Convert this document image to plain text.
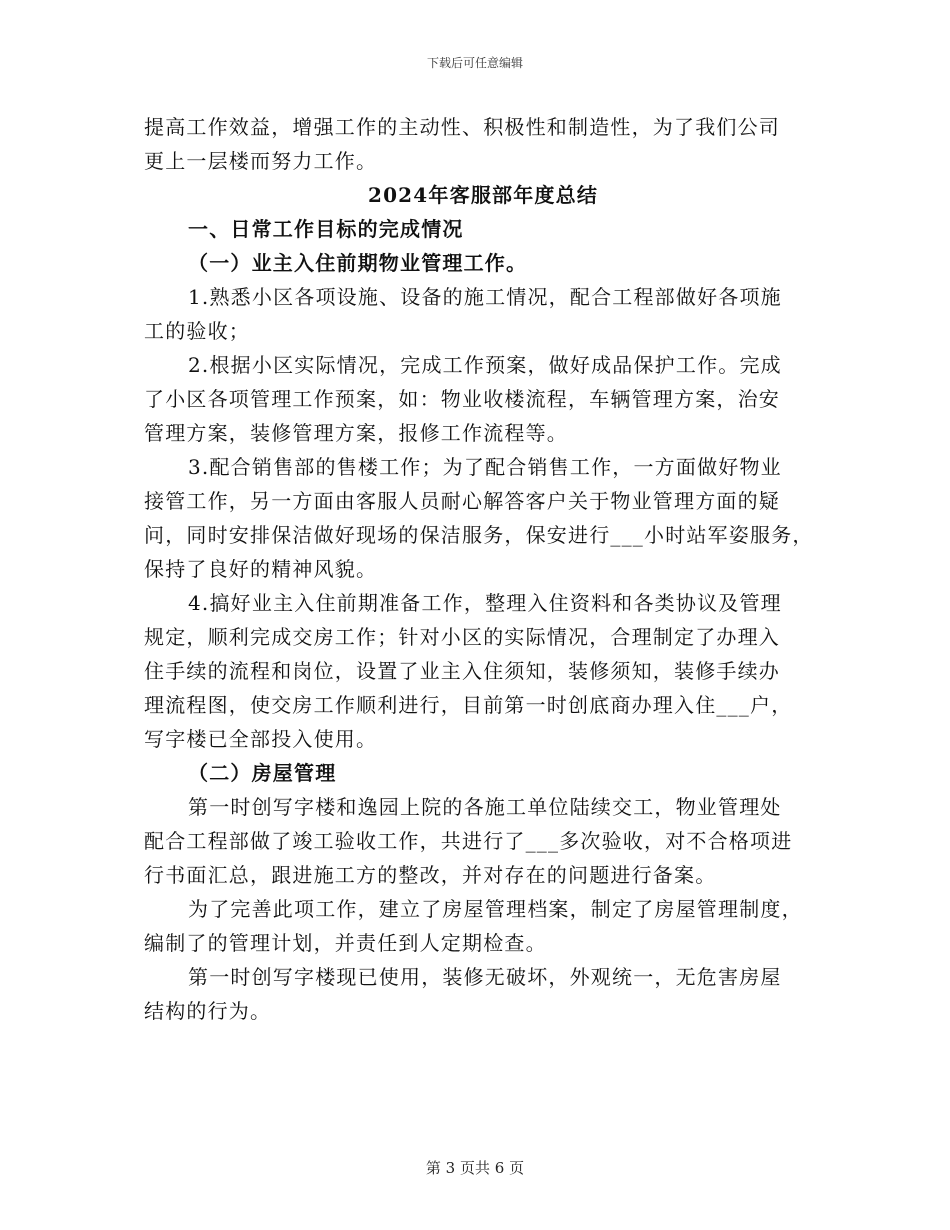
下载后可任意编辑
提高工作效益，增强工作的主动性、积极性和制造性，为了我们公司
更上一层楼而努力工作。
2024年客服部年度总结
一、日常工作目标的完成情况
（一）业主入住前期物业管理工作。
1.熟悉小区各项设施、设备的施工情况，配合工程部做好各项施
工的验收；
2.根据小区实际情况，完成工作预案，做好成品保护工作。完成
了小区各项管理工作预案，如：物业收楼流程，车辆管理方案，治安
管理方案，装修管理方案，报修工作流程等。
3.配合销售部的售楼工作；为了配合销售工作，一方面做好物业
接管工作，另一方面由客服人员耐心解答客户关于物业管理方面的疑
问，同时安排保洁做好现场的保洁服务，保安进行___小时站军姿服务，
保持了良好的精神风貌。
4.搞好业主入住前期准备工作，整理入住资料和各类协议及管理
规定，顺利完成交房工作；针对小区的实际情况，合理制定了办理入
住手续的流程和岗位，设置了业主入住须知，装修须知，装修手续办
理流程图，使交房工作顺利进行，目前第一时创底商办理入住___户，
写字楼已全部投入使用。
（二）房屋管理
第一时创写字楼和逸园上院的各施工单位陆续交工，物业管理处
配合工程部做了竣工验收工作，共进行了___多次验收，对不合格项进
行书面汇总，跟进施工方的整改，并对存在的问题进行备案。
为了完善此项工作，建立了房屋管理档案，制定了房屋管理制度，
编制了的管理计划，并责任到人定期检查。
第一时创写字楼现已使用，装修无破坏，外观统一，无危害房屋
结构的行为。
第 3 页共 6 页
